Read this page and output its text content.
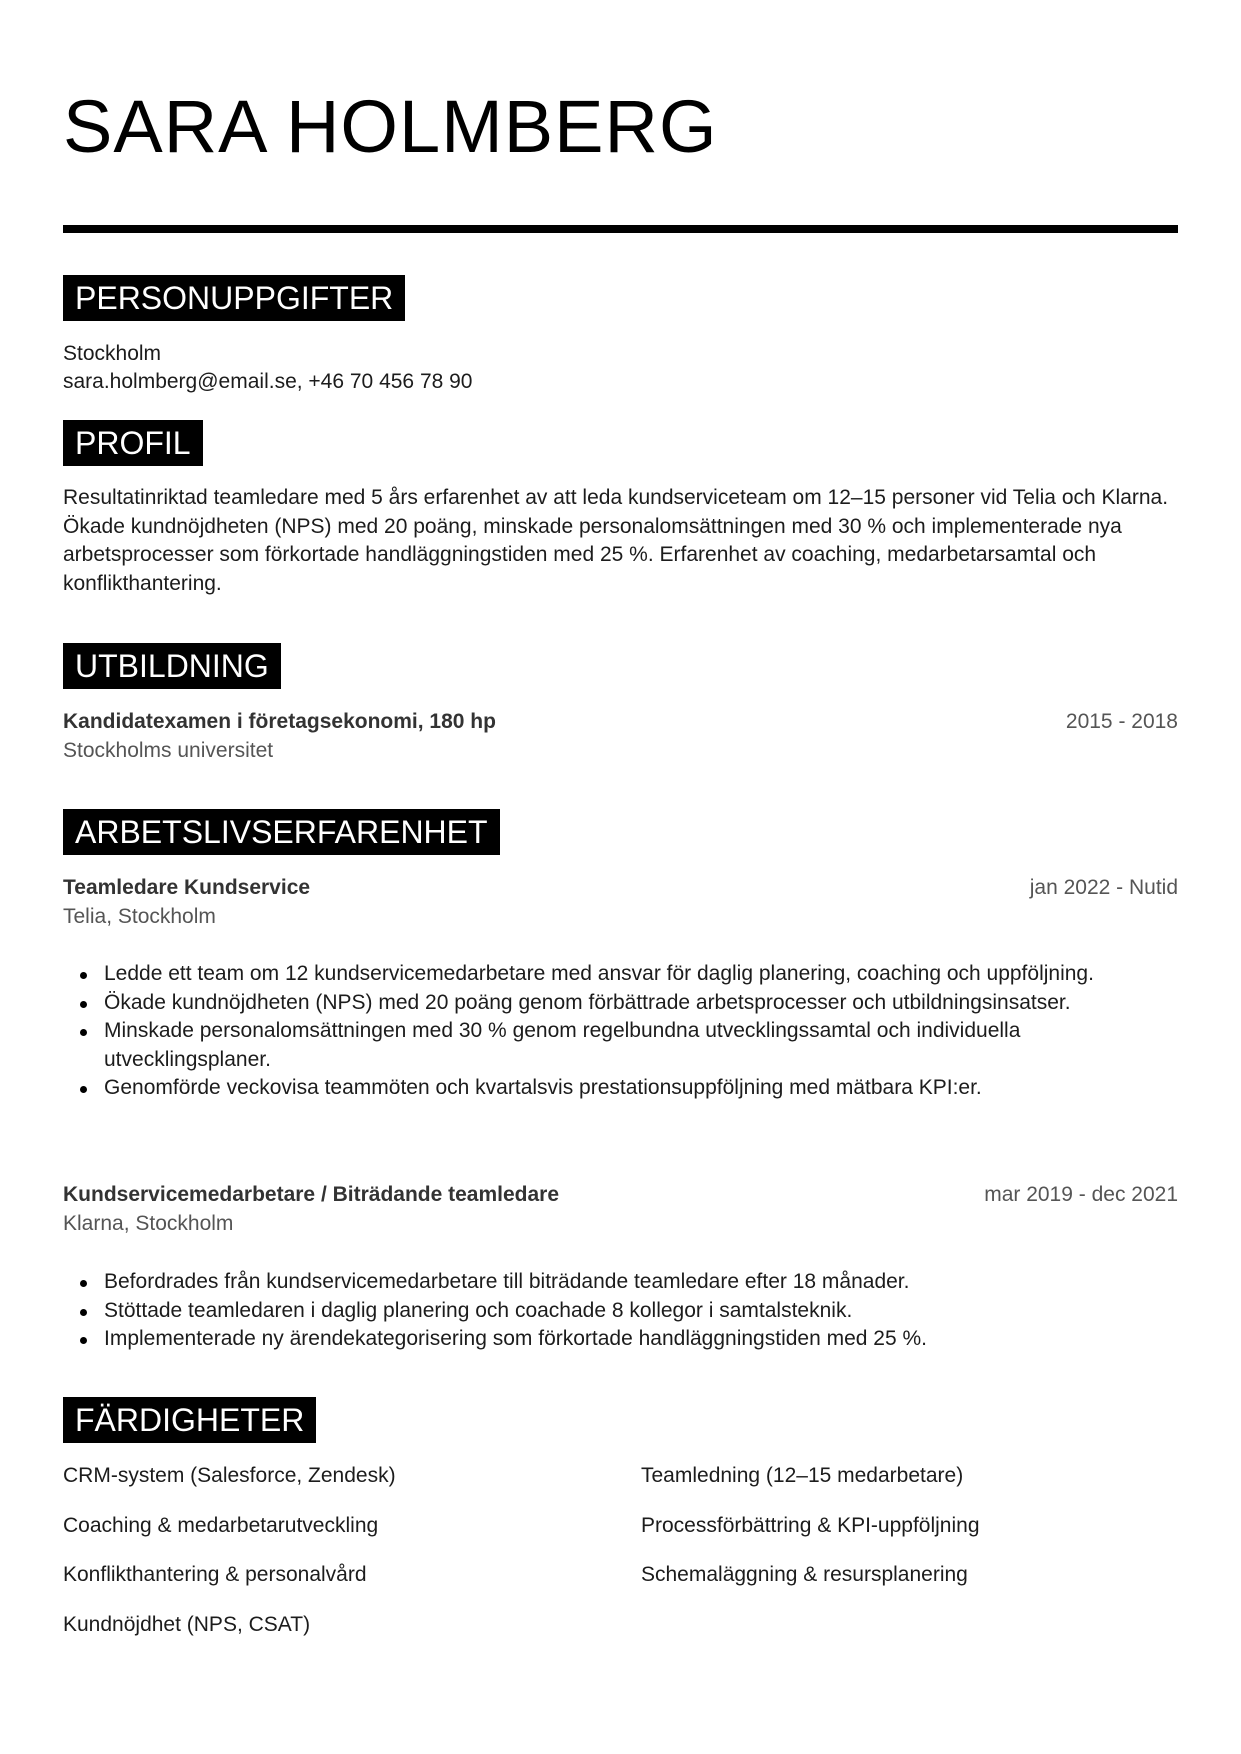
SARA HOLMBERG
PERSONUPPGIFTER
Stockholm
sara.holmberg@email.se, +46 70 456 78 90
PROFIL
Resultatinriktad teamledare med 5 års erfarenhet av att leda kundserviceteam om 12–15 personer vid Telia och Klarna. Ökade kundnöjdheten (NPS) med 20 poäng, minskade personalomsättningen med 30 % och implementerade nya arbetsprocesser som förkortade handläggningstiden med 25 %. Erfarenhet av coaching, medarbetarsamtal och konflikthantering.
UTBILDNING
Kandidatexamen i företagsekonomi, 180 hp	2015 - 2018
Stockholms universitet
ARBETSLIVSERFARENHET
Teamledare Kundservice	jan 2022 - Nutid
Telia, Stockholm
Ledde ett team om 12 kundservicemedarbetare med ansvar för daglig planering, coaching och uppföljning.
Ökade kundnöjdheten (NPS) med 20 poäng genom förbättrade arbetsprocesser och utbildningsinsatser.
Minskade personalomsättningen med 30 % genom regelbundna utvecklingssamtal och individuella utvecklingsplaner.
Genomförde veckovisa teammöten och kvartalsvis prestationsuppföljning med mätbara KPI:er.
Kundservicemedarbetare / Biträdande teamledare	mar 2019 - dec 2021
Klarna, Stockholm
Befordrades från kundservicemedarbetare till biträdande teamledare efter 18 månader.
Stöttade teamledaren i daglig planering och coachade 8 kollegor i samtalsteknik.
Implementerade ny ärendekategorisering som förkortade handläggningstiden med 25 %.
FÄRDIGHETER
CRM-system (Salesforce, Zendesk)	Teamledning (12–15 medarbetare)
Coaching & medarbetarutveckling	Processförbättring & KPI-uppföljning
Konflikthantering & personalvård	Schemaläggning & resursplanering
Kundnöjdhet (NPS, CSAT)
